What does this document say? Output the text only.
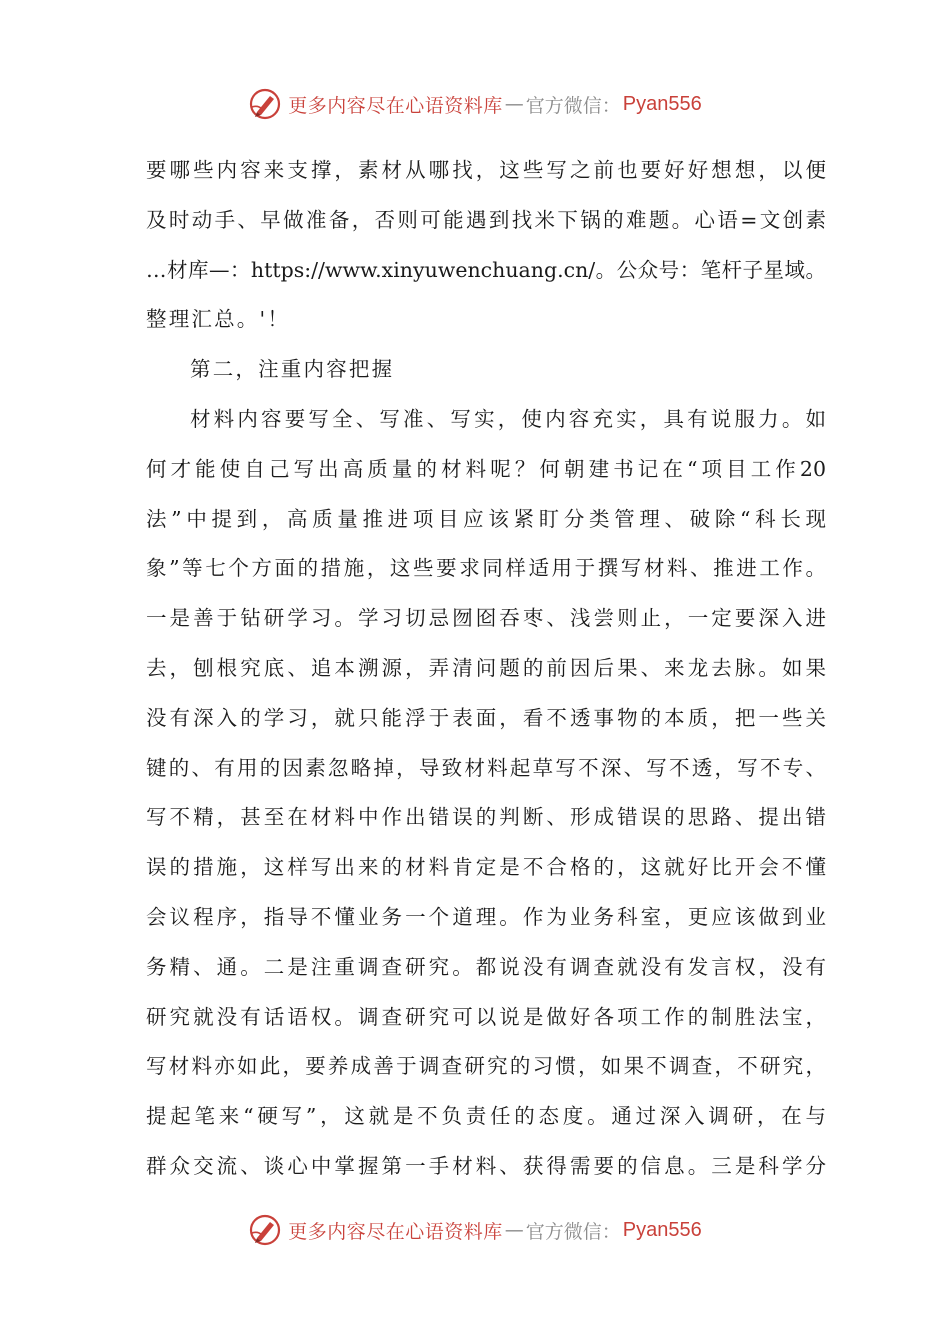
更多内容尽在心语资料库 — 官方微信： Pyan556
要哪些内容来支撑，素材从哪找，这些写之前也要好好想想，以便
及时动手、早做准备，否则可能遇到找米下锅的难题。心语=文创素
…材库—：https://www.xinyuwenchuang.cn/。公众号：笔杆子星域。
整理汇总。'！
第二，注重内容把握
材料内容要写全、写准、写实，使内容充实，具有说服力。如
何才能使自己写出高质量的材料呢？何朝建书记在“项目工作20
法”中提到，高质量推进项目应该紧盯分类管理、破除“科长现
象”等七个方面的措施，这些要求同样适用于撰写材料、推进工作。
一是善于钻研学习。学习切忌囫囵吞枣、浅尝则止，一定要深入进
去，刨根究底、追本溯源，弄清问题的前因后果、来龙去脉。如果
没有深入的学习，就只能浮于表面，看不透事物的本质，把一些关
键的、有用的因素忽略掉，导致材料起草写不深、写不透，写不专、
写不精，甚至在材料中作出错误的判断、形成错误的思路、提出错
误的措施，这样写出来的材料肯定是不合格的，这就好比开会不懂
会议程序，指导不懂业务一个道理。作为业务科室，更应该做到业
务精、通。二是注重调查研究。都说没有调查就没有发言权，没有
研究就没有话语权。调查研究可以说是做好各项工作的制胜法宝，
写材料亦如此，要养成善于调查研究的习惯，如果不调查，不研究，
提起笔来“硬写”，这就是不负责任的态度。通过深入调研，在与
群众交流、谈心中掌握第一手材料、获得需要的信息。三是科学分
更多内容尽在心语资料库 — 官方微信： Pyan556
